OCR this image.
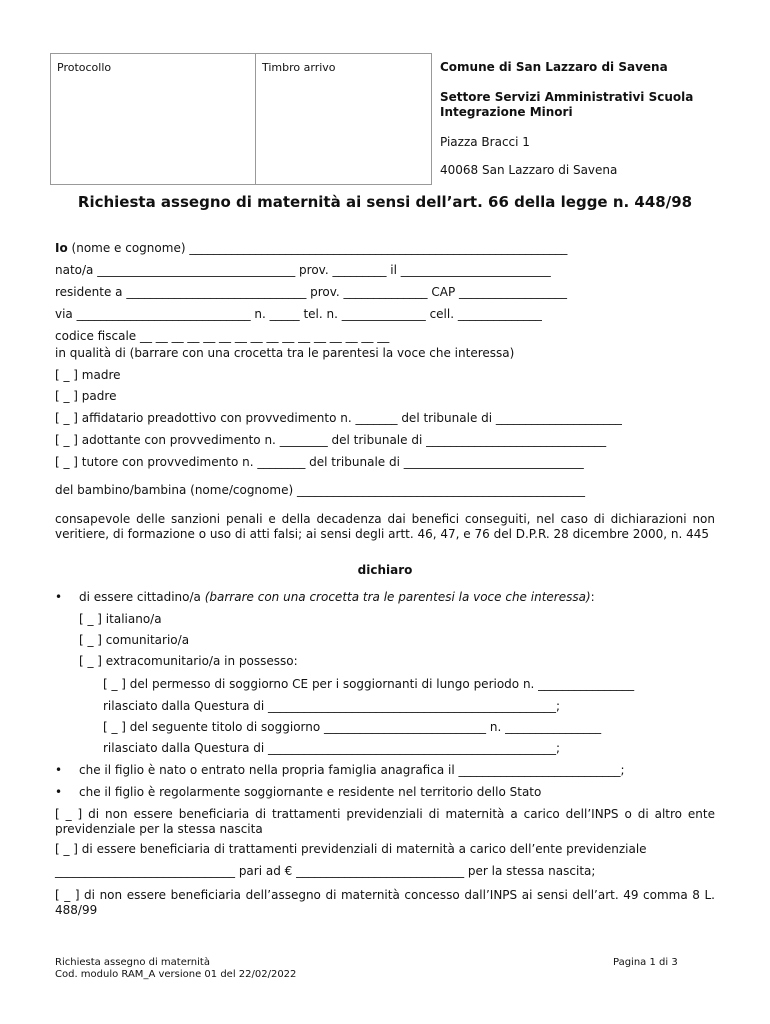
Protocollo	Timbro arrivo	Comune di San Lazzaro di Savena
Settore Servizi Amministrativi Scuola
Integrazione Minori
Piazza Bracci 1
40068 San Lazzaro di Savena
Richiesta assegno di maternità ai sensi dell’art. 66 della legge n. 448/98
Io (nome e cognome) _______________________________________________________________
nato/a _________________________________ prov. _________ il _________________________
residente a ______________________________ prov. ______________ CAP __________________
via _____________________________ n. _____ tel. n. ______________ cell. ______________
codice fiscale __ __ __ __ __ __ __ __ __ __ __ __ __ __ __ __
in qualità di (barrare con una crocetta tra le parentesi la voce che interessa)
[ _ ] madre
[ _ ] padre
[ _ ] affidatario preadottivo con provvedimento n. _______ del tribunale di _____________________
[ _ ] adottante con provvedimento n. ________ del tribunale di ______________________________
[ _ ] tutore con provvedimento n. ________ del tribunale di ______________________________
del bambino/bambina (nome/cognome) ________________________________________________
consapevole delle sanzioni penali e della decadenza dai benefici conseguiti, nel caso di dichiarazioni non veritiere, di formazione o uso di atti falsi; ai sensi degli artt. 46, 47, e 76 del D.P.R. 28 dicembre 2000, n. 445
dichiaro
• di essere cittadino/a (barrare con una crocetta tra le parentesi la voce che interessa):
[ _ ] italiano/a
[ _ ] comunitario/a
[ _ ] extracomunitario/a in possesso:
[ _ ] del permesso di soggiorno CE per i soggiornanti di lungo periodo n. ________________
rilasciato dalla Questura di ________________________________________________;
[ _ ] del seguente titolo di soggiorno ___________________________ n. ________________
rilasciato dalla Questura di ________________________________________________;
• che il figlio è nato o entrato nella propria famiglia anagrafica il ___________________________;
• che il figlio è regolarmente soggiornante e residente nel territorio dello Stato
[ _ ] di non essere beneficiaria di trattamenti previdenziali di maternità a carico dell’INPS o di altro ente previdenziale per la stessa nascita
[ _ ] di essere beneficiaria di trattamenti previdenziali di maternità a carico dell’ente previdenziale
______________________________ pari ad € ____________________________ per la stessa nascita;
[ _ ] di non essere beneficiaria dell’assegno di maternità concesso dall’INPS ai sensi dell’art. 49 comma 8 L. 488/99
Richiesta assegno di maternità
Cod. modulo RAM_A versione 01 del 22/02/2022
Pagina 1 di 3
